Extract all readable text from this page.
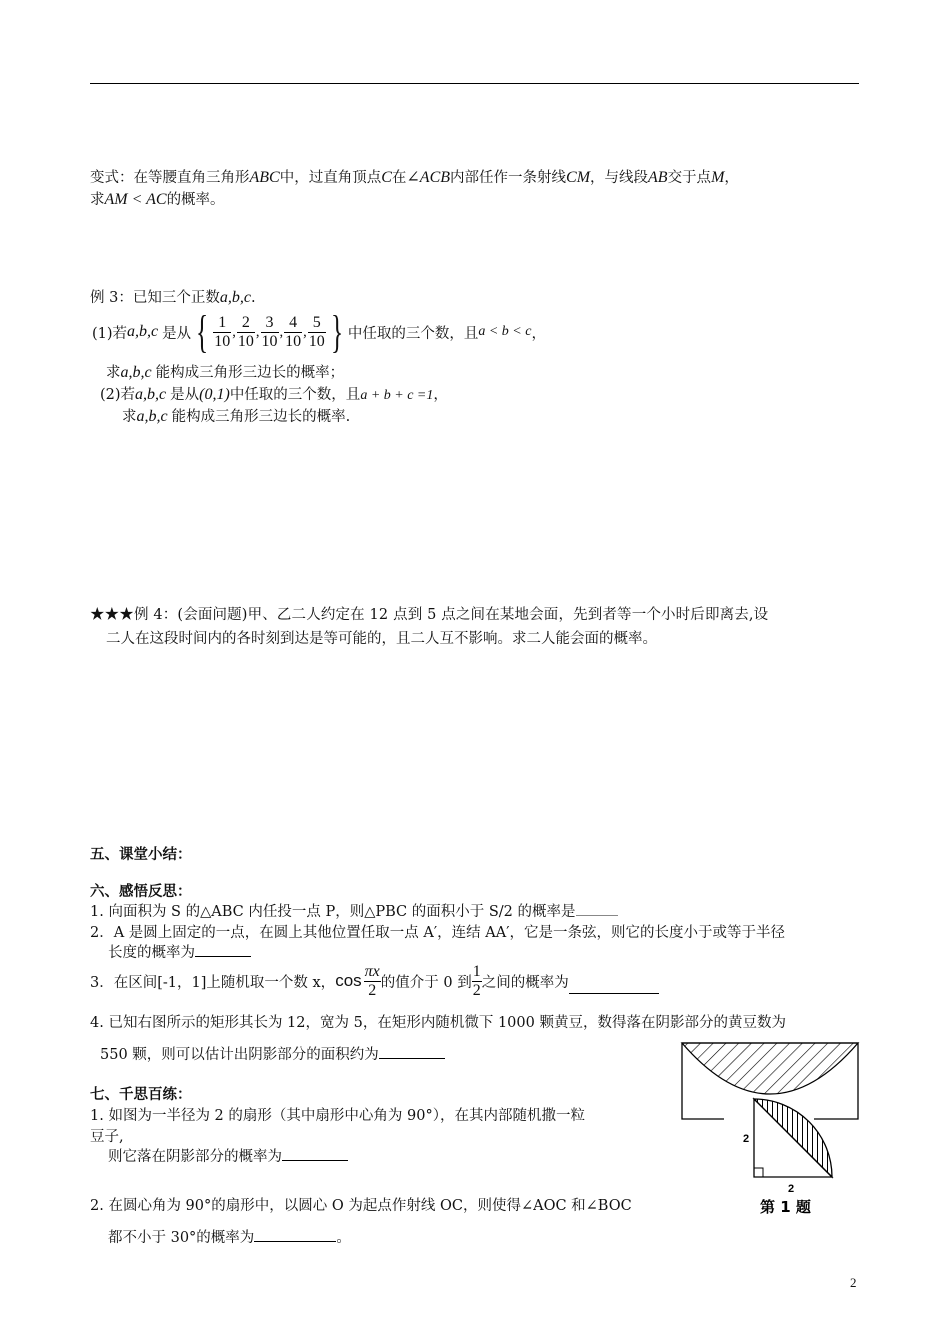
变式：在等腰直角三角形ABC中，过直角顶点C在∠ACB内部任作一条射线CM，与线段AB交于点M，
求AM < AC的概率。
例 3：已知三个正数a,b,c.
(1)若 a,b,c 是从 { $\frac{1}{10}$ , $\frac{2}{10}$ , $\frac{3}{10}$ , $\frac{4}{10}$ , $\frac{5}{10}$ } 中任取的三个数，且 a < b < c ，
求a,b,c 能构成三角形三边长的概率；
(2)若a,b,c 是从(0,1)中任取的三个数，且a + b + c =1，
求a,b,c 能构成三角形三边长的概率.
★★★例 4：(会面问题)甲、乙二人约定在 12 点到 5 点之间在某地会面，先到者等一个小时后即离去,设
二人在这段时间内的各时刻到达是等可能的，且二人互不影响。求二人能会面的概率。
五、课堂小结：
六、感悟反思：
1. 向面积为 S 的△ABC 内任投一点 P，则△PBC 的面积小于 S/2 的概率是
2．A 是圆上固定的一点，在圆上其他位置任取一点 A′，连结 AA′，它是一条弦，则它的长度小于或等于半径
长度的概率为
3．在区间[-1，1]上随机取一个数 x， $\cos \frac{\pi x}{2}$ 的值介于 0 到 $\frac{1}{2}$ 之间的概率为
4. 已知右图所示的矩形其长为 12，宽为 5，在矩形内随机微下 1000 颗黄豆，数得落在阴影部分的黄豆数为
550 颗，则可以估计出阴影部分的面积约为
七、千思百练：
1. 如图为一半径为 2 的扇形（其中扇形中心角为 90°），在其内部随机撒一粒
豆子,
则它落在阴影部分的概率为
2. 在圆心角为 90°的扇形中，以圆心 O 为起点作射线 OC，则使得∠AOC 和∠BOC
都不小于 30°的概率为	。
2
2
第 1 题
2
